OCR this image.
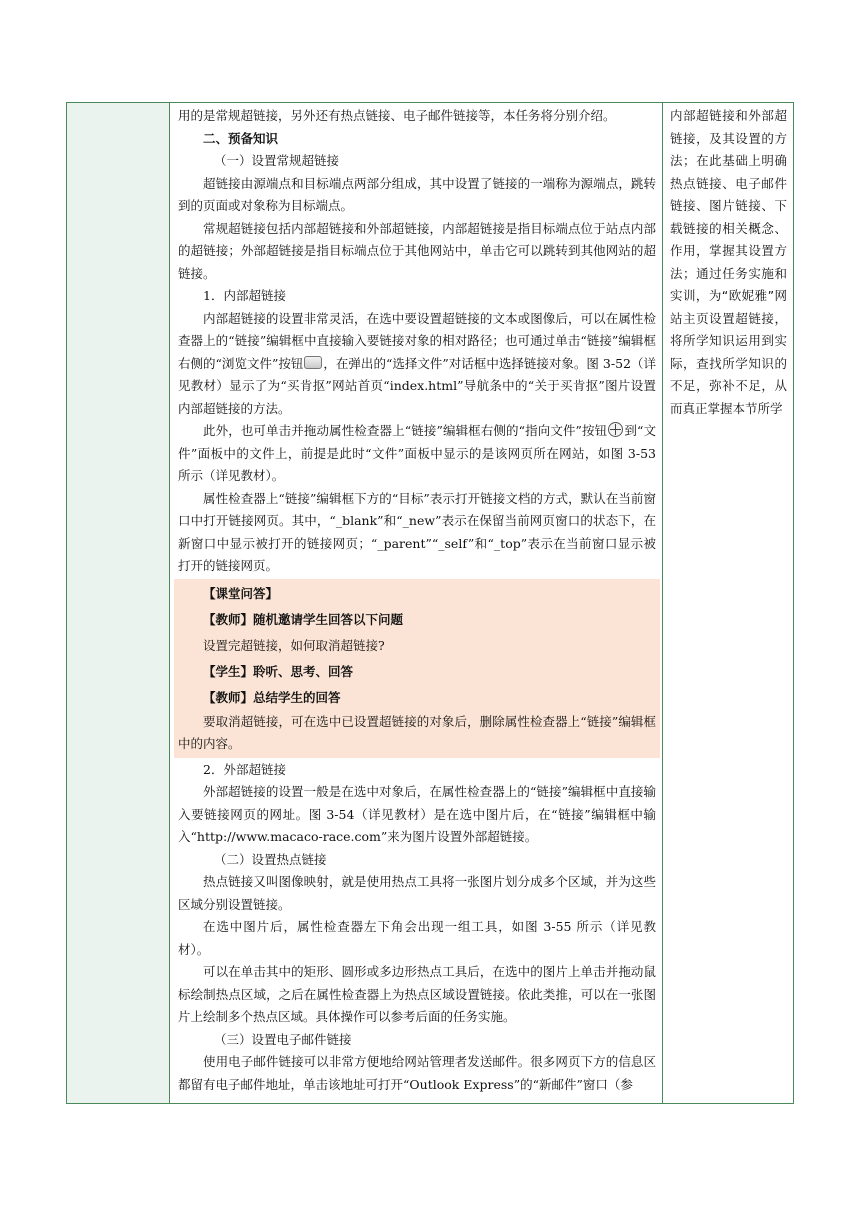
用的是常规超链接，另外还有热点链接、电子邮件链接等，本任务将分别介绍。

二、预备知识

（一）设置常规超链接

超链接由源端点和目标端点两部分组成，其中设置了链接的一端称为源端点，跳转到的页面或对象称为目标端点。

常规超链接包括内部超链接和外部超链接，内部超链接是指目标端点位于站点内部的超链接；外部超链接是指目标端点位于其他网站中，单击它可以跳转到其他网站的超链接。

1．内部超链接

内部超链接的设置非常灵活，在选中要设置超链接的文本或图像后，可以在属性检查器上的“链接”编辑框中直接输入要链接对象的相对路径；也可通过单击“链接”编辑框右侧的“浏览文件”按钮 ，在弹出的“选择文件”对话框中选择链接对象。图 3-52（详见教材）显示了为“买肯抠”网站首页“index.html”导航条中的“关于买肯抠”图片设置内部超链接的方法。

此外，也可单击并拖动属性检查器上“链接”编辑框右侧的“指向文件”按钮 到“文件”面板中的文件上，前提是此时“文件”面板中显示的是该网页所在网站，如图 3-53 所示（详见教材）。

属性检查器上“链接”编辑框下方的“目标”表示打开链接文档的方式，默认在当前窗口中打开链接网页。其中，“_blank”和“_new”表示在保留当前网页窗口的状态下，在新窗口中显示被打开的链接网页；“_parent”“_self”和“_top”表示在当前窗口显示被打开的链接网页。

【课堂问答】

【教师】随机邀请学生回答以下问题

设置完超链接，如何取消超链接?

【学生】聆听、思考、回答

【教师】总结学生的回答

要取消超链接，可在选中已设置超链接的对象后，删除属性检查器上“链接”编辑框中的内容。

2．外部超链接

外部超链接的设置一般是在选中对象后，在属性检查器上的“链接”编辑框中直接输入要链接网页的网址。图 3-54（详见教材）是在选中图片后，在“链接”编辑框中输入“http://www.macaco-race.com”来为图片设置外部超链接。

（二）设置热点链接

热点链接又叫图像映射，就是使用热点工具将一张图片划分成多个区域，并为这些区域分别设置链接。

在选中图片后，属性检查器左下角会出现一组工具，如图 3-55 所示（详见教材）。

可以在单击其中的矩形、圆形或多边形热点工具后，在选中的图片上单击并拖动鼠标绘制热点区域，之后在属性检查器上为热点区域设置链接。依此类推，可以在一张图片上绘制多个热点区域。具体操作可以参考后面的任务实施。

（三）设置电子邮件链接

使用电子邮件链接可以非常方便地给网站管理者发送邮件。很多网页下方的信息区都留有电子邮件地址，单击该地址可打开“Outlook Express”的“新邮件”窗口（参

内部超链接和外部超链接，及其设置的方法；在此基础上明确热点链接、电子邮件链接、图片链接、下载链接的相关概念、作用，掌握其设置方法；通过任务实施和实训，为“欧妮雅”网站主页设置超链接，将所学知识运用到实际，查找所学知识的不足，弥补不足，从而真正掌握本节所学
